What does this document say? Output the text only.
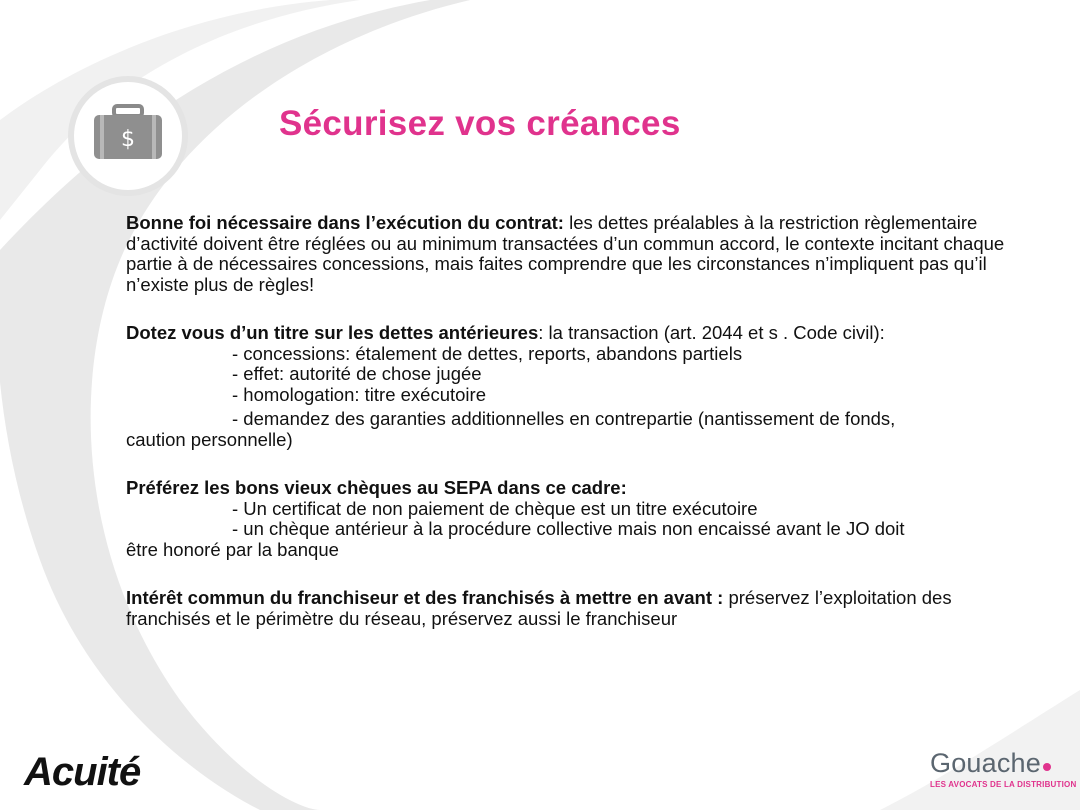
$	Sécurisez vos créances

Bonne foi nécessaire dans l’exécution du contrat: les dettes préalables à la restriction règlementaire d’activité doivent être réglées ou au minimum transactées d’un commun accord, le contexte incitant chaque partie à de nécessaires concessions, mais faites comprendre que les circonstances n’impliquent pas qu’il n’existe plus de règles!

Dotez vous d’un titre sur les dettes antérieures: la transaction (art. 2044 et s . Code civil):

- concessions: étalement de dettes, reports, abandons partiels

- effet: autorité de chose jugée

- homologation: titre exécutoire

- demandez des garanties additionnelles en contrepartie (nantissement de fonds,

caution personnelle)

Préférez les bons vieux chèques au SEPA dans ce cadre:

- Un certificat de non paiement de chèque est un titre exécutoire

- un chèque antérieur à la procédure collective mais non encaissé avant le JO doit

être honoré par la banque

Intérêt commun du franchiseur et des franchisés à mettre en avant : préservez l’exploitation des franchisés et le périmètre du réseau, préservez aussi le franchiseur

Acuité	Gouache
LES AVOCATS DE LA DISTRIBUTION
